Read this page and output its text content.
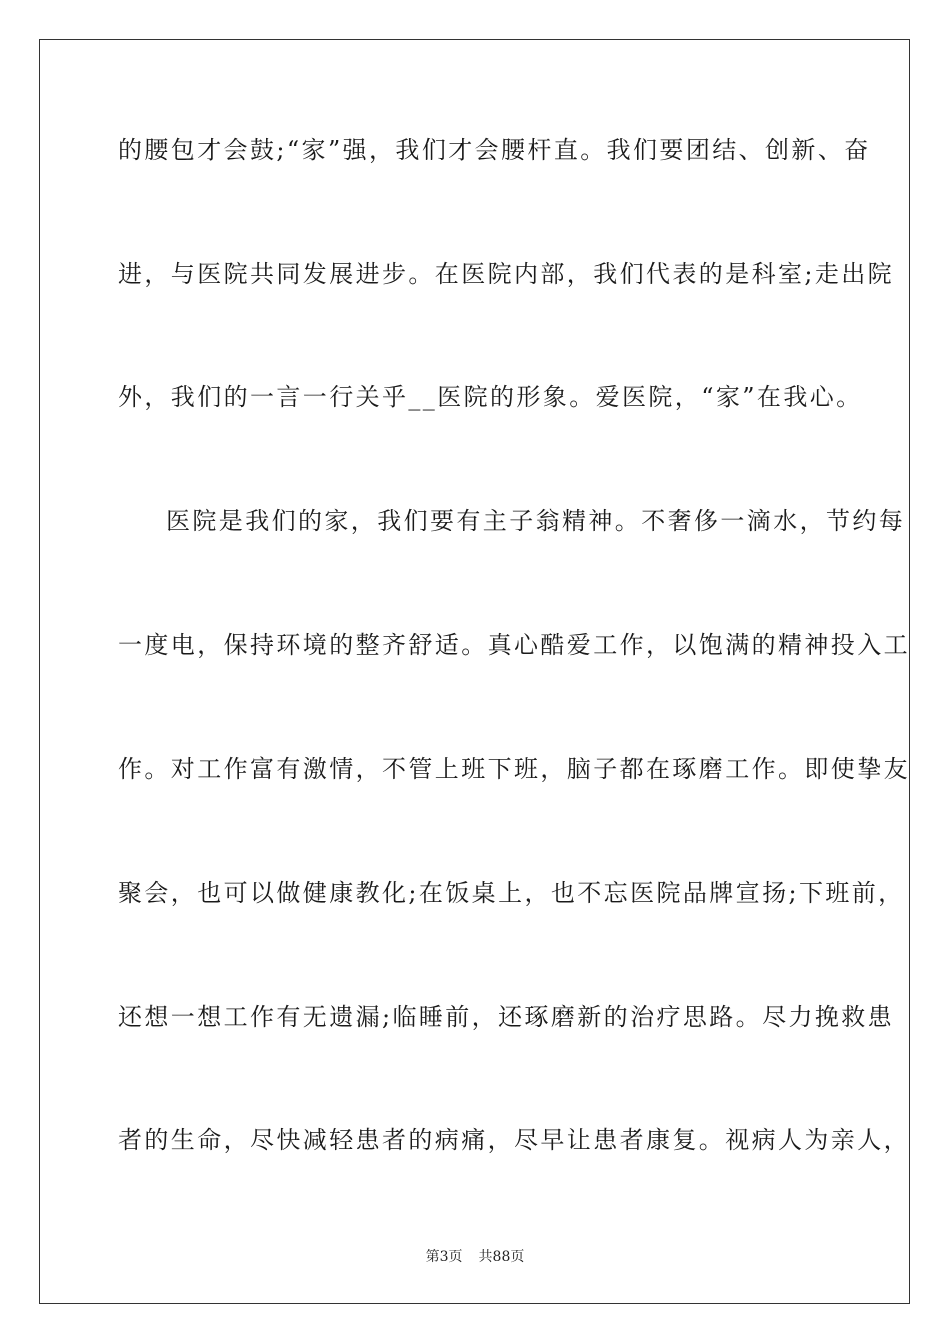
的腰包才会鼓;“家”强，我们才会腰杆直。我们要团结、创新、奋
进，与医院共同发展进步。在医院内部，我们代表的是科室;走出院
外，我们的一言一行关乎__医院的形象。爱医院，“家”在我心。
医院是我们的家，我们要有主子翁精神。不奢侈一滴水，节约每
一度电，保持环境的整齐舒适。真心酷爱工作，以饱满的精神投入工
作。对工作富有激情，不管上班下班，脑子都在琢磨工作。即使挚友
聚会，也可以做健康教化;在饭桌上，也不忘医院品牌宣扬;下班前，
还想一想工作有无遗漏;临睡前，还琢磨新的治疗思路。尽力挽救患
者的生命，尽快减轻患者的病痛，尽早让患者康复。视病人为亲人，
第3页 共88页
